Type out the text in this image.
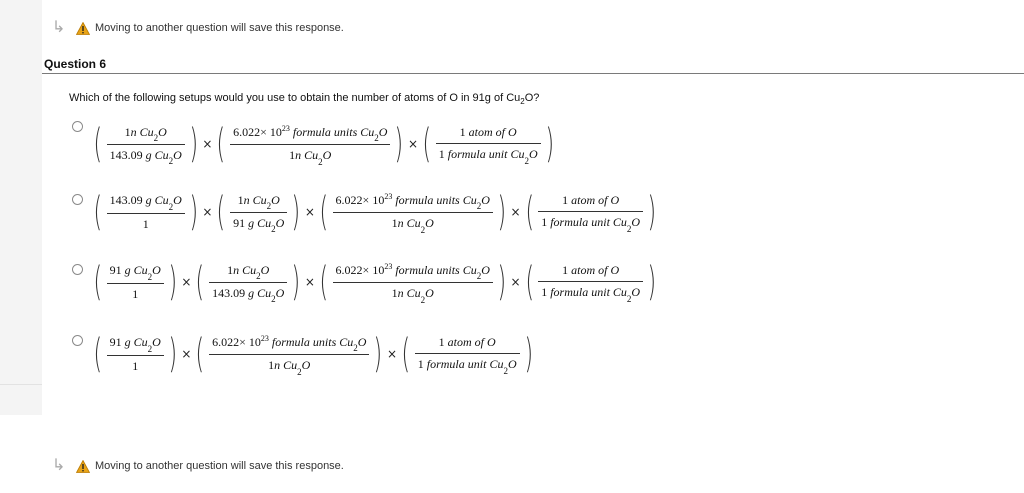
↳	Moving to another question will save this response.
Question 6
Which of the following setups would you use to obtain the number of atoms of O in 91g of $Cu_2O$?
( $\frac{1n Cu_2O}{143.09 g Cu_2O}$ ) × ( $\frac{6.022\times 10^{23} formula units Cu_2O}{1n Cu_2O}$ ) × ( $\frac{\text{1 atom of O}}{1 formula unit Cu_2O}$ )
( $\frac{143.09 g Cu_2O}{1}$ ) × ( $\frac{1n Cu_2O}{91 g Cu_2O}$ ) × ( $\frac{6.022\times 10^{23} formula units Cu_2O}{1n Cu_2O}$ ) × ( $\frac{\text{1 atom of O}}{1 formula unit Cu_2O}$ )
( $\frac{91 g Cu_2O}{1}$ ) × ( $\frac{1n Cu_2O}{143.09 g Cu_2O}$ ) × ( $\frac{6.022\times 10^{23} formula units Cu_2O}{1n Cu_2O}$ ) × ( $\frac{\text{1 atom of O}}{1 formula unit Cu_2O}$ )
( $\frac{91 g Cu_2O}{1}$ ) × ( $\frac{6.022\times 10^{23} formula units Cu_2O}{1n Cu_2O}$ ) × ( $\frac{\text{1 atom of O}}{1 formula unit Cu_2O}$ )
↳	Moving to another question will save this response.
